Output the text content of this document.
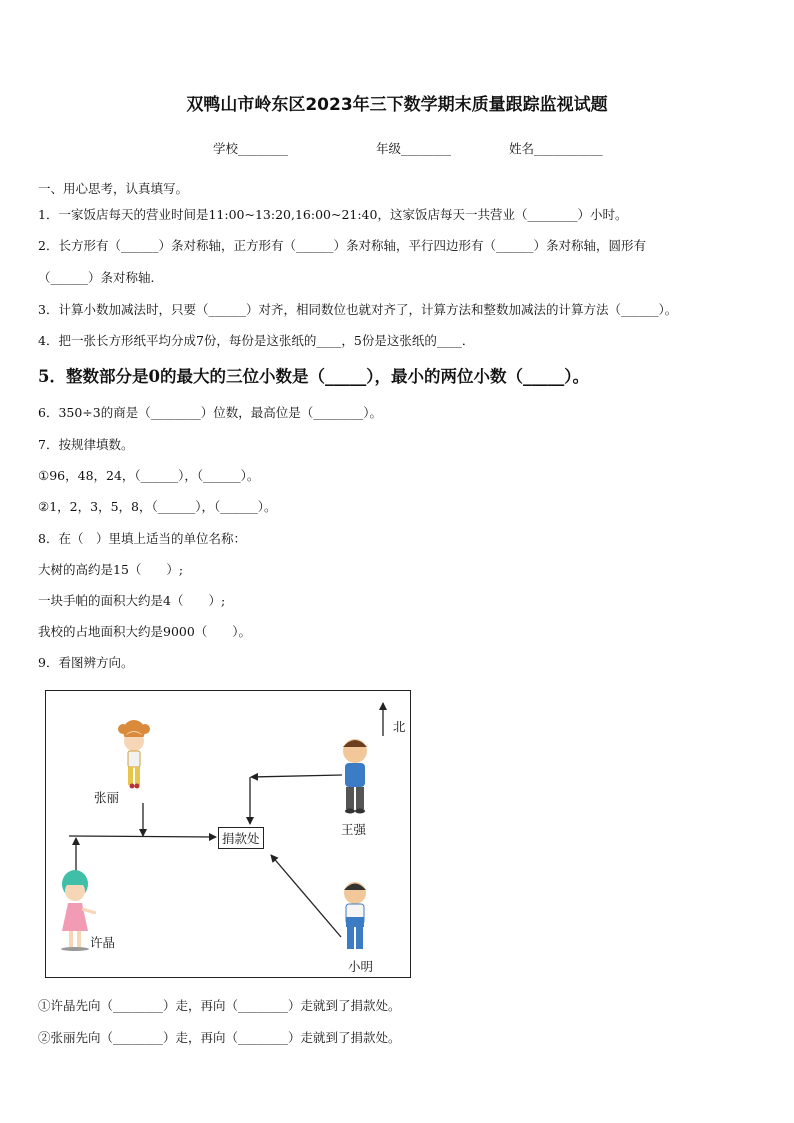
双鸭山市岭东区2023年三下数学期末质量跟踪监视试题
学校________	年级________	姓名___________
一、用心思考，认真填写。
1．一家饭店每天的营业时间是11:00~13:20,16:00~21:40，这家饭店每天一共营业（________）小时。
2．长方形有（______）条对称轴，正方形有（______）条对称轴，平行四边形有（______）条对称轴，圆形有
（______）条对称轴.
3．计算小数加减法时，只要（______）对齐，相同数位也就对齐了，计算方法和整数加减法的计算方法（______）。
4．把一张长方形纸平均分成7份，每份是这张纸的____，5份是这张纸的____．
5．整数部分是0的最大的三位小数是（_____），最小的两位小数（_____）。
6．350÷3的商是（________）位数，最高位是（________）。
7．按规律填数。
①96，48，24，（______），（______）。
②1，2，3，5，8，（______），（______）。
8．在（　）里填上适当的单位名称：
大树的高约是15（　　）;
一块手帕的面积大约是4（　　）;
我校的占地面积大约是9000（　　）。
9．看图辨方向。
北
张丽
王强
许晶
小明
捐款处
①许晶先向（________）走，再向（________）走就到了捐款处。
②张丽先向（________）走，再向（________）走就到了捐款处。
